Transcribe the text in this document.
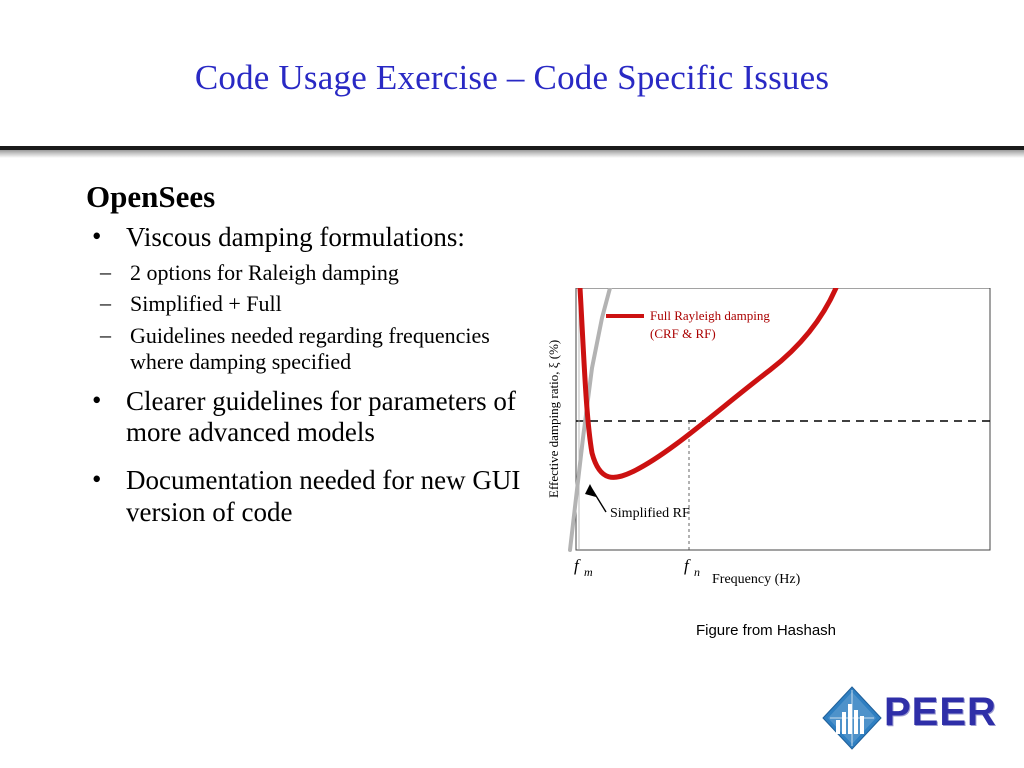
Code Usage Exercise – Code Specific Issues
OpenSees
• Viscous damping formulations:
– 2 options for Raleigh damping
– Simplified + Full
– Guidelines needed regarding frequencies where damping specified
• Clearer guidelines for parameters of more advanced models
• Documentation needed for new GUI version of code
Full Rayleigh damping
(CRF & RF)
Simplified RF
Effective damping ratio, ξ (%)
f m	f n Frequency (Hz)
Figure from Hashash
PEER
